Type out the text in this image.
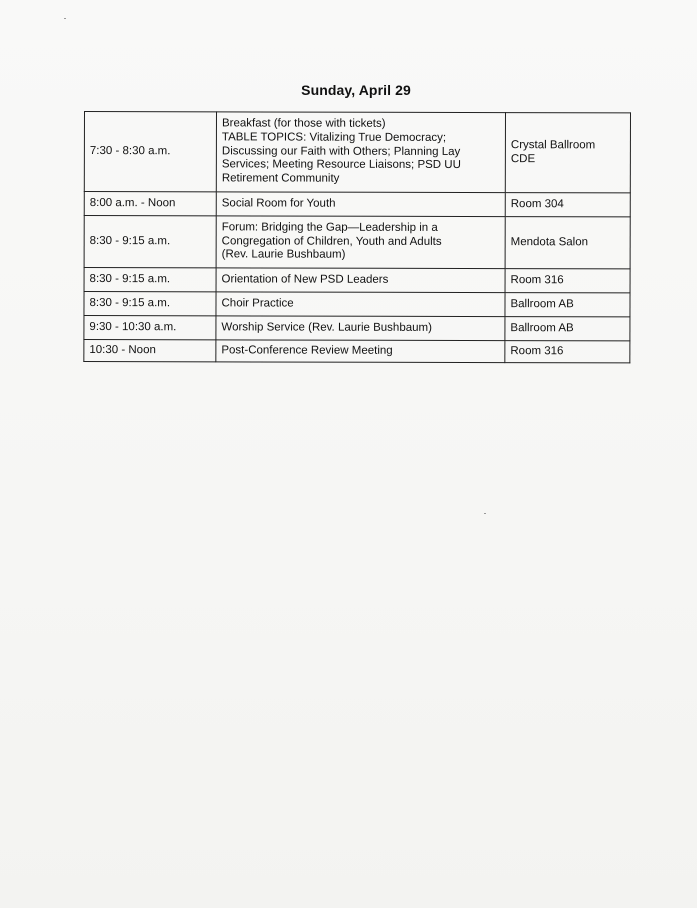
Sunday, April 29
7:30 - 8:30 a.m.	Breakfast (for those with tickets)
TABLE TOPICS: Vitalizing True Democracy;
Discussing our Faith with Others; Planning Lay
Services; Meeting Resource Liaisons; PSD UU
Retirement Community	Crystal Ballroom
CDE

8:00 a.m. - Noon	Social Room for Youth	Room 304
8:30 - 9:15 a.m.	Forum: Bridging the Gap—Leadership in a
Congregation of Children, Youth and Adults
(Rev. Laurie Bushbaum)	Mendota Salon
8:30 - 9:15 a.m.	Orientation of New PSD Leaders	Room 316
8:30 - 9:15 a.m.	Choir Practice	Ballroom AB
9:30 - 10:30 a.m.	Worship Service (Rev. Laurie Bushbaum)	Ballroom AB
10:30 - Noon	Post-Conference Review Meeting	Room 316
